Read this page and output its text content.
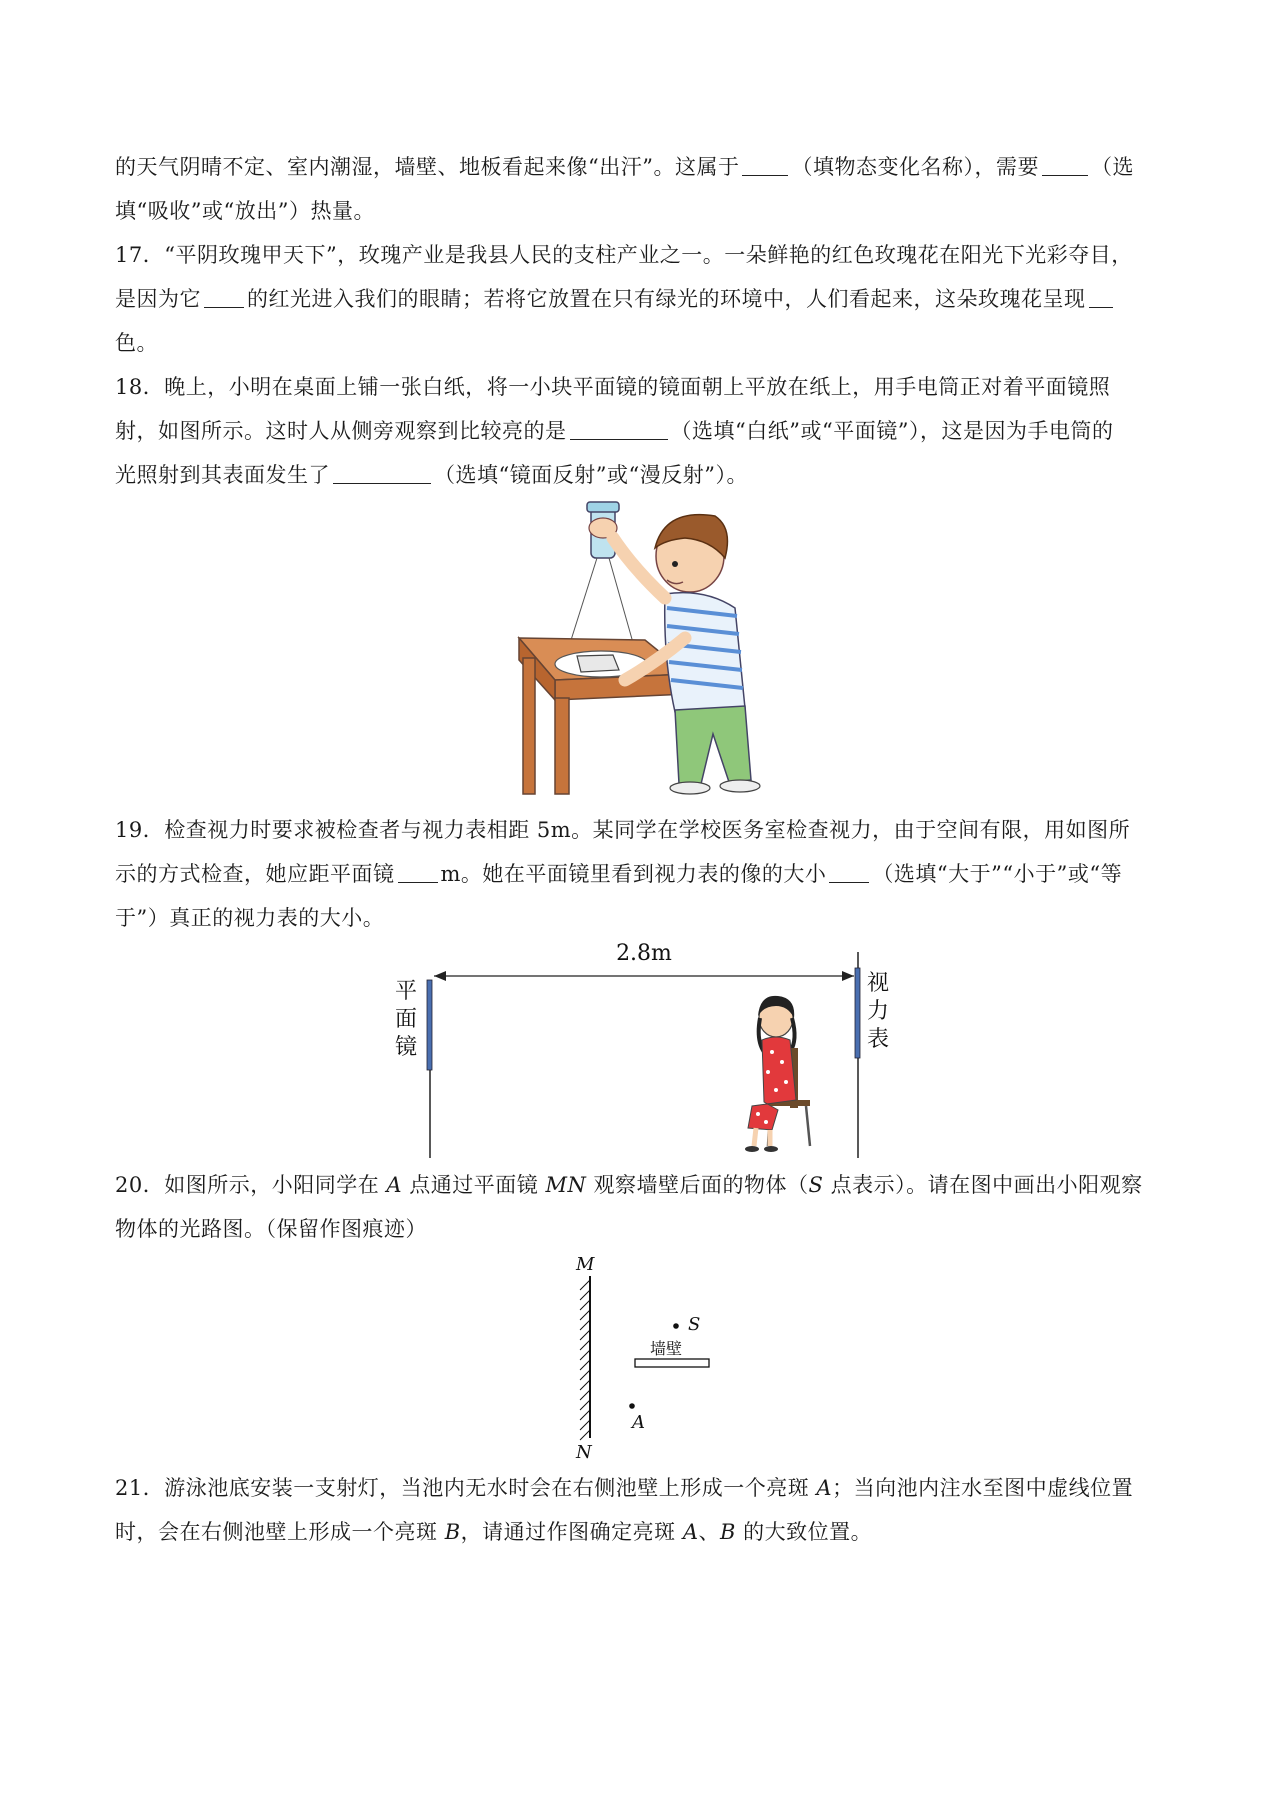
的天气阴晴不定、室内潮湿，墙壁、地板看起来像“出汗”。这属于 （填物态变化名称），需要 （选
填“吸收”或“放出”）热量。
17．“平阴玫瑰甲天下”，玫瑰产业是我县人民的支柱产业之一。一朵鲜艳的红色玫瑰花在阳光下光彩夺目，
是因为它 的红光进入我们的眼睛；若将它放置在只有绿光的环境中，人们看起来，这朵玫瑰花呈现
色。
18．晚上，小明在桌面上铺一张白纸，将一小块平面镜的镜面朝上平放在纸上，用手电筒正对着平面镜照
射，如图所示。这时人从侧旁观察到比较亮的是	（选填“白纸”或“平面镜”），这是因为手电筒的
光照射到其表面发生了	（选填“镜面反射”或“漫反射”）。
19．检查视力时要求被检查者与视力表相距 5m。某同学在学校医务室检查视力，由于空间有限，用如图所
示的方式检查，她应距平面镜 m。她在平面镜里看到视力表的像的大小 （选填“大于”“小于”或“等
于”）真正的视力表的大小。
2.8m
平
面
镜
视
力
表
20．如图所示，小阳同学在 A 点通过平面镜 MN 观察墙壁后面的物体（S 点表示）。请在图中画出小阳观察
物体的光路图。（保留作图痕迹）
M
N
S
墙壁
A
21．游泳池底安装一支射灯，当池内无水时会在右侧池壁上形成一个亮斑 A；当向池内注水至图中虚线位置
时，会在右侧池壁上形成一个亮斑 B，请通过作图确定亮斑 A、B 的大致位置。
